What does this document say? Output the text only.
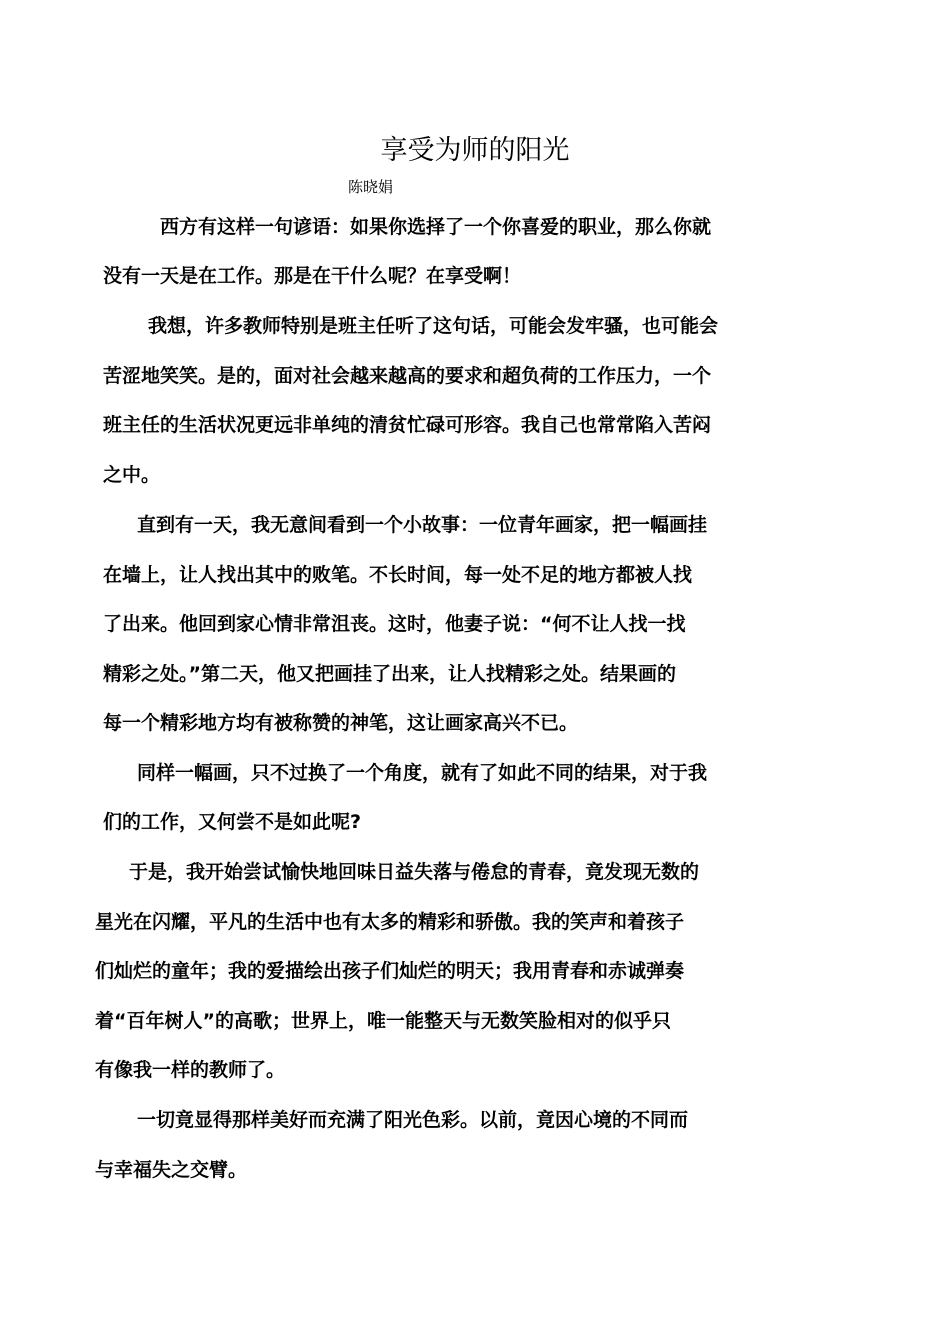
享受为师的阳光
陈晓娟
西方有这样一句谚语：如果你选择了一个你喜爱的职业，那么你就
没有一天是在工作。那是在干什么呢？在享受啊！
我想，许多教师特别是班主任听了这句话，可能会发牢骚，也可能会
苦涩地笑笑。是的，面对社会越来越高的要求和超负荷的工作压力，一个
班主任的生活状况更远非单纯的清贫忙碌可形容。我自己也常常陷入苦闷
之中。
直到有一天，我无意间看到一个小故事：一位青年画家，把一幅画挂
在墙上，让人找出其中的败笔。不长时间，每一处不足的地方都被人找
了出来。他回到家心情非常沮丧。这时，他妻子说：“何不让人找一找
精彩之处。”第二天，他又把画挂了出来，让人找精彩之处。结果画的
每一个精彩地方均有被称赞的神笔，这让画家高兴不已。
同样一幅画，只不过换了一个角度，就有了如此不同的结果，对于我
们的工作，又何尝不是如此呢?
于是，我开始尝试愉快地回味日益失落与倦怠的青春，竟发现无数的
星光在闪耀，平凡的生活中也有太多的精彩和骄傲。我的笑声和着孩子
们灿烂的童年；我的爱描绘出孩子们灿烂的明天；我用青春和赤诚弹奏
着“百年树人”的高歌；世界上，唯一能整天与无数笑脸相对的似乎只
有像我一样的教师了。
一切竟显得那样美好而充满了阳光色彩。以前，竟因心境的不同而
与幸福失之交臂。
